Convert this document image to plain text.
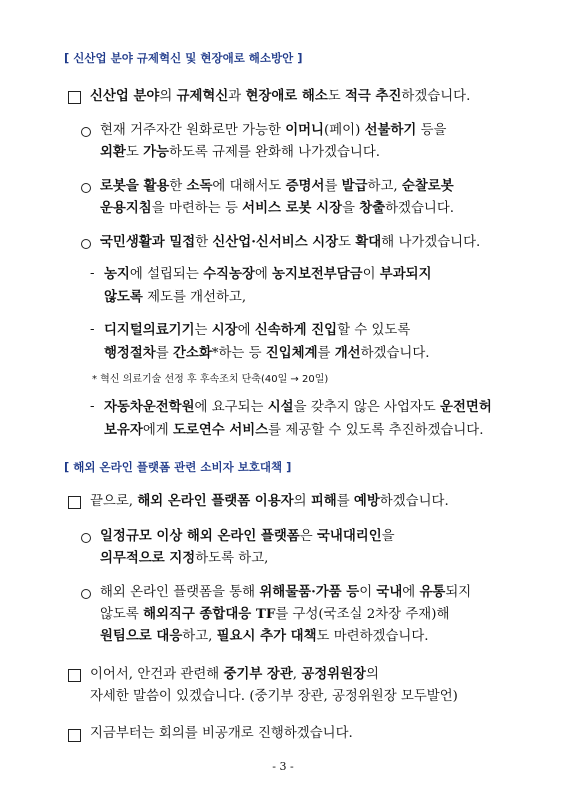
[ 신산업 분야 규제혁신 및 현장애로 해소방안 ]
신산업 분야의 규제혁신과 현장애로 해소도 적극 추진하겠습니다.
현재 거주자간 원화로만 가능한 이머니(페이) 선불하기 등을
외환도 가능하도록 규제를 완화해 나가겠습니다.
로봇을 활용한 소독에 대해서도 증명서를 발급하고, 순찰로봇
운용지침을 마련하는 등 서비스 로봇 시장을 창출하겠습니다.
국민생활과 밀접한 신산업·신서비스 시장도 확대해 나가겠습니다.
- 농지에 설립되는 수직농장에 농지보전부담금이 부과되지
않도록 제도를 개선하고,
- 디지털의료기기는 시장에 신속하게 진입할 수 있도록
행정절차를 간소화*하는 등 진입체계를 개선하겠습니다.
* 혁신 의료기술 선정 후 후속조치 단축(40일 → 20일)
- 자동차운전학원에 요구되는 시설을 갖추지 않은 사업자도 운전면허
보유자에게 도로연수 서비스를 제공할 수 있도록 추진하겠습니다.
[ 해외 온라인 플랫폼 관련 소비자 보호대책 ]
끝으로, 해외 온라인 플랫폼 이용자의 피해를 예방하겠습니다.
일정규모 이상 해외 온라인 플랫폼은 국내대리인을
의무적으로 지정하도록 하고,
해외 온라인 플랫폼을 통해 위해물품·가품 등이 국내에 유통되지
않도록 해외직구 종합대응 TF를 구성(국조실 2차장 주재)해
원팀으로 대응하고, 필요시 추가 대책도 마련하겠습니다.
이어서, 안건과 관련해 중기부 장관, 공정위원장의
자세한 말씀이 있겠습니다. (중기부 장관, 공정위원장 모두발언)
지금부터는 회의를 비공개로 진행하겠습니다.
- 3 -
